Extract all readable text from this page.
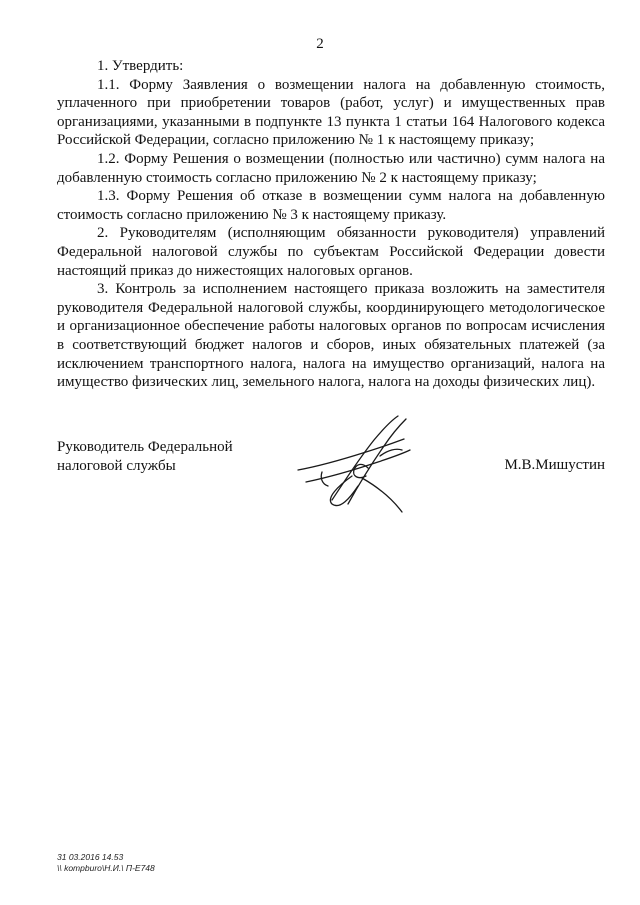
2

1. Утвердить:

1.1. Форму Заявления о возмещении налога на добавленную стоимость, уплаченного при приобретении товаров (работ, услуг) и имущественных прав организациями, указанными в подпункте 13 пункта 1 статьи 164 Налогового кодекса Российской Федерации, согласно приложению № 1 к настоящему приказу;

1.2. Форму Решения о возмещении (полностью или частично) сумм налога на добавленную стоимость согласно приложению № 2 к настоящему приказу;

1.3. Форму Решения об отказе в возмещении сумм налога на добавленную стоимость согласно приложению № 3 к настоящему приказу.

2. Руководителям (исполняющим обязанности руководителя) управлений Федеральной налоговой службы по субъектам Российской Федерации довести настоящий приказ до нижестоящих налоговых органов.

3. Контроль за исполнением настоящего приказа возложить на заместителя руководителя Федеральной налоговой службы, координирующего методологическое и организационное обеспечение работы налоговых органов по вопросам исчисления в соответствующий бюджет налогов и сборов, иных обязательных платежей (за исключением транспортного налога, налога на имущество организаций, налога на имущество физических лиц, земельного налога, налога на доходы физических лиц).

Руководитель Федеральной
налоговой службы	М.В.Мишустин
31 03.2016 14.53
\\ kompburo\Н.И.\ П-Е748
